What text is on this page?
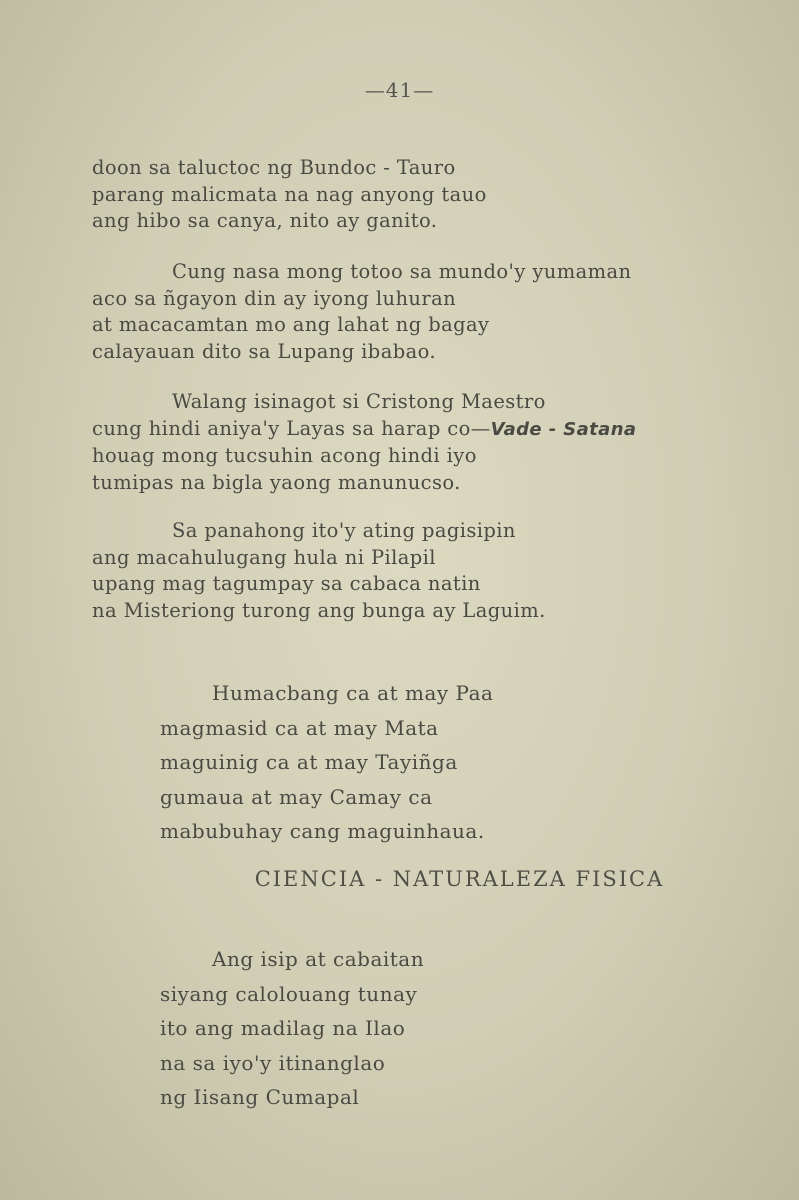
—41—
doon sa taluctoc ng Bundoc - Tauro
parang malicmata na nag anyong tauo
ang hibo sa canya, nito ay ganito.
Cung nasa mong totoo sa mundo'y yumaman
aco sa ñgayon din ay iyong luhuran
at macacamtan mo ang lahat ng bagay
calayauan dito sa Lupang ibabao.
Walang isinagot si Cristong Maestro
cung hindi aniya'y Layas sa harap co—Vade - Satana
houag mong tucsuhin acong hindi iyo
tumipas na bigla yaong manunucso.
Sa panahong ito'y ating pagisipin
ang macahulugang hula ni Pilapil
upang mag tagumpay sa cabaca natin
na Misteriong turong ang bunga ay Laguim.
Humacbang ca at may Paa
magmasid ca at may Mata
maguinig ca at may Tayiñga
gumaua at may Camay ca
mabubuhay cang maguinhaua.
CIENCIA - NATURALEZA FISICA
Ang isip at cabaitan
siyang calolouang tunay
ito ang madilag na Ilao
na sa iyo'y itinanglao
ng Iisang Cumapal
